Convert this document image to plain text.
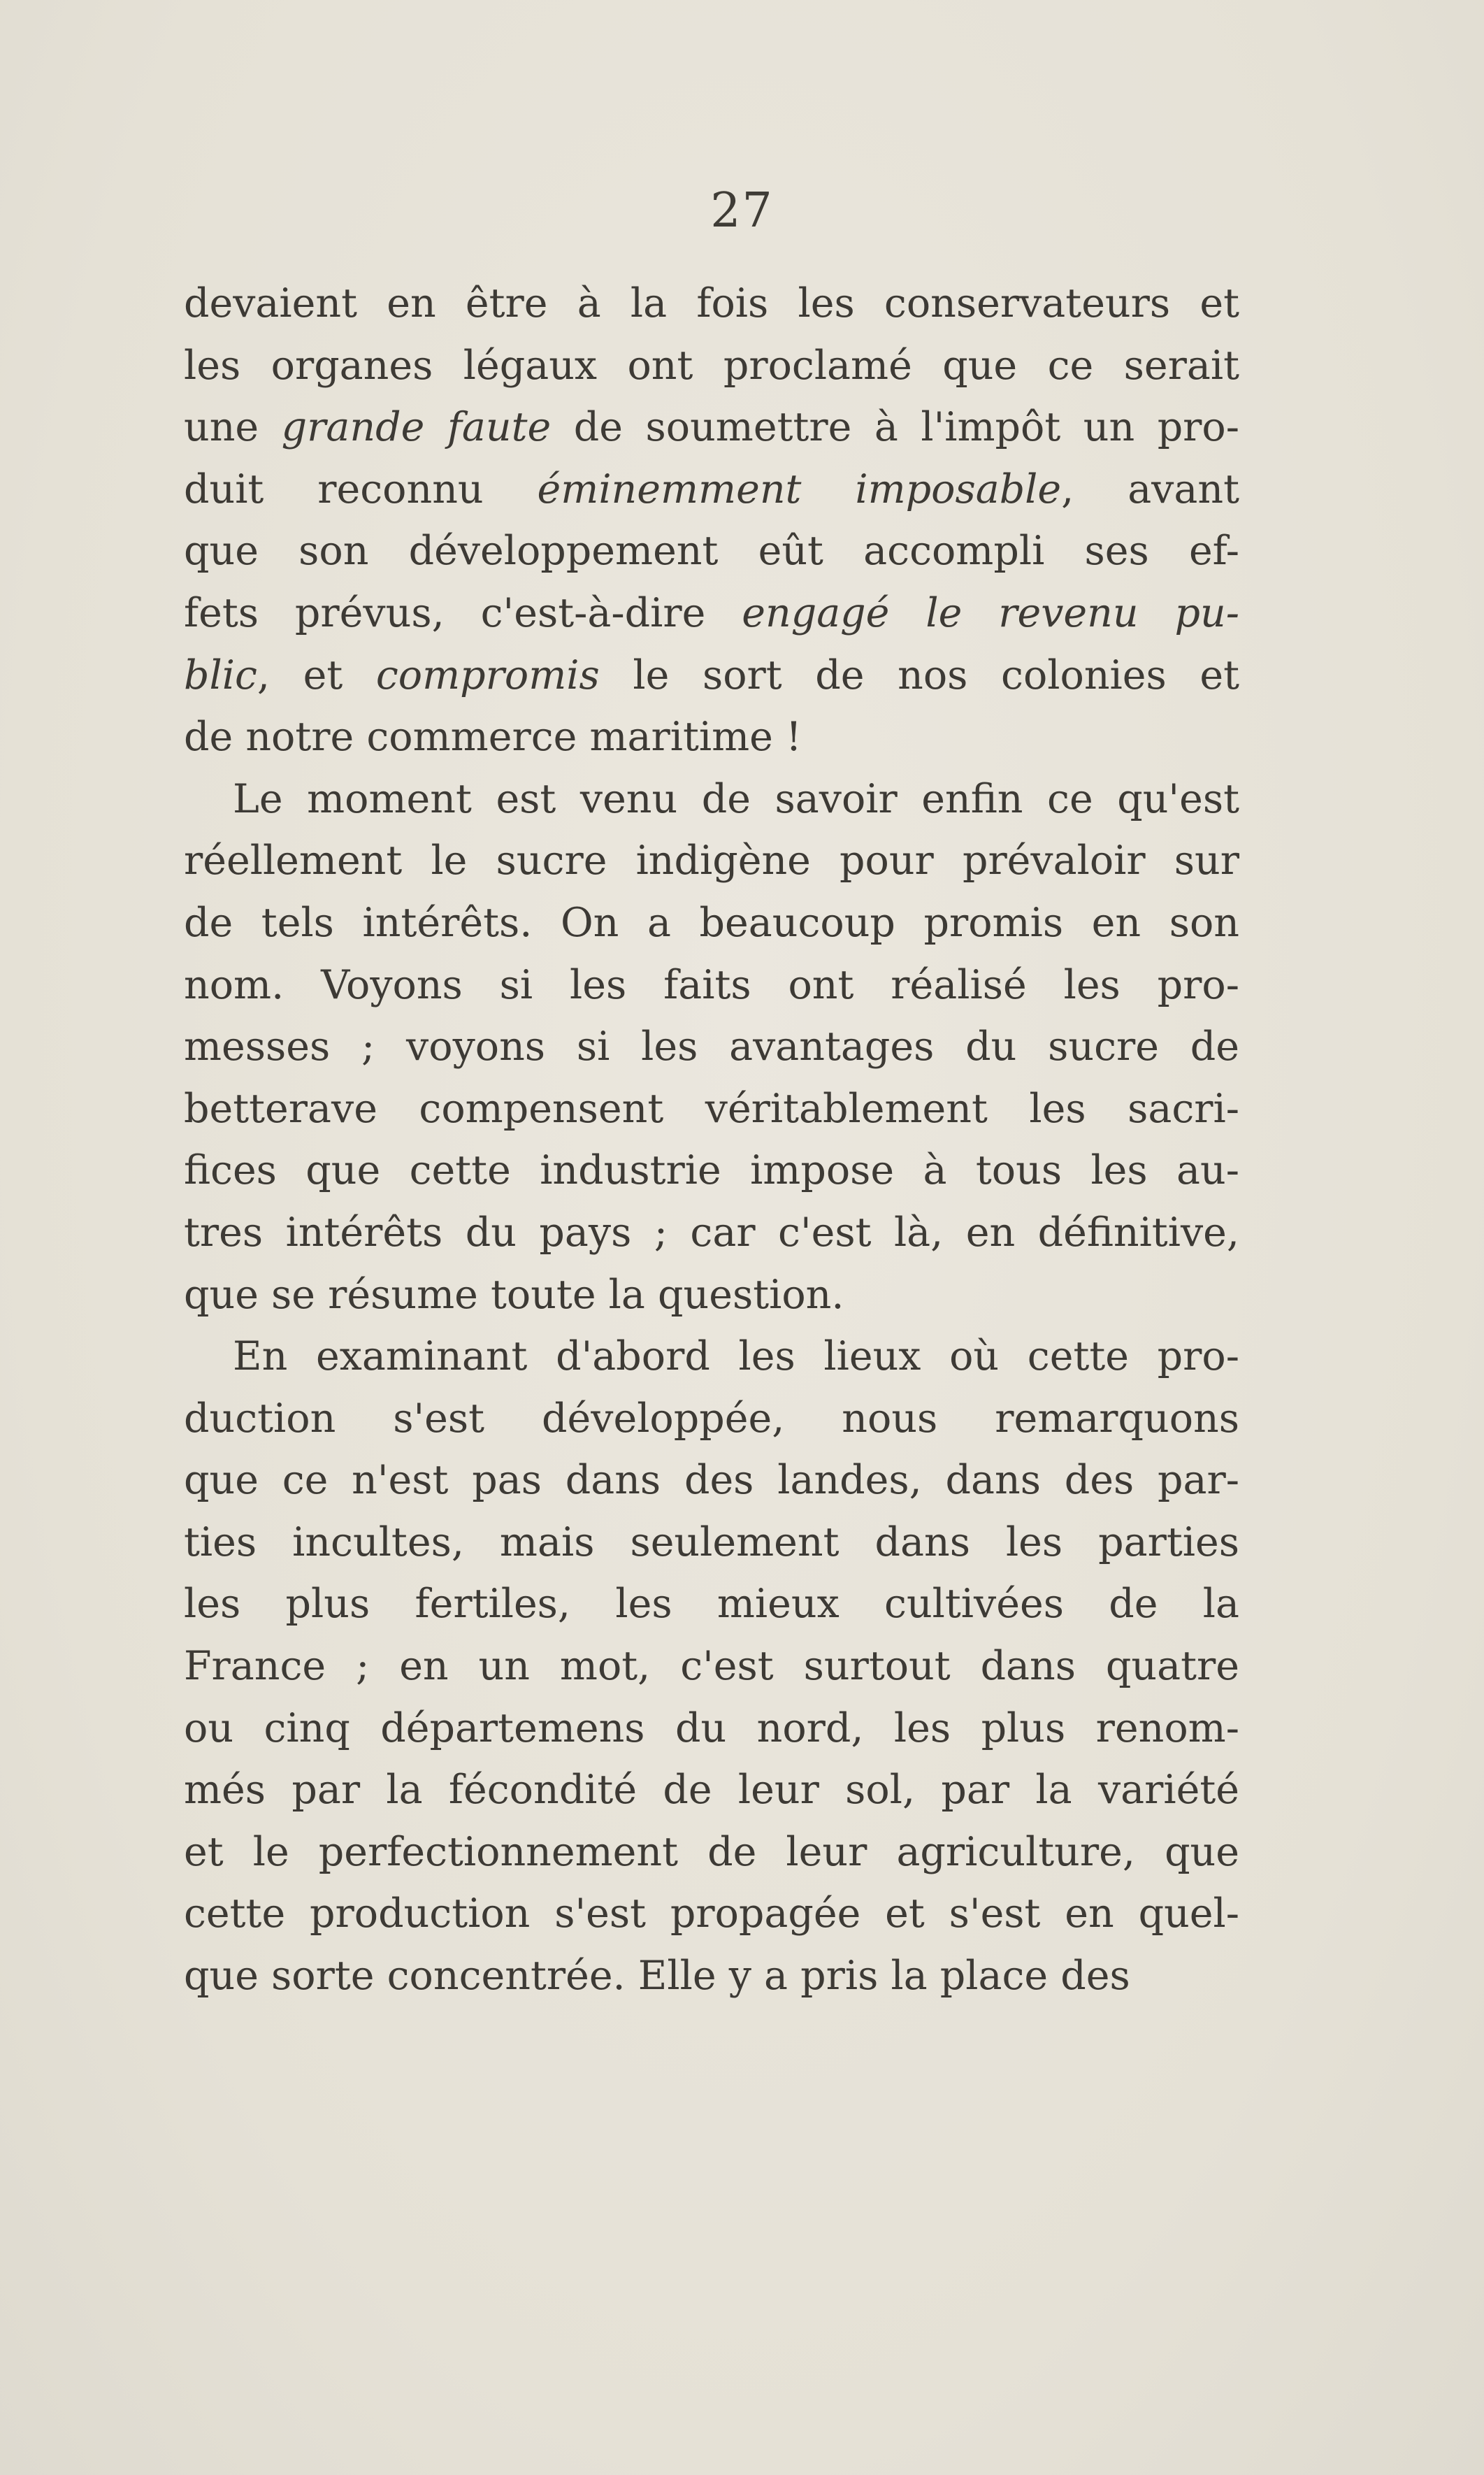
27
devaient en être à la fois les conservateurs et
les organes légaux ont proclamé que ce serait
une grande faute de soumettre à l'impôt un pro-
duit reconnu éminemment imposable, avant
que son développement eût accompli ses ef-
fets prévus, c'est-à-dire engagé le revenu pu-
blic, et compromis le sort de nos colonies et
de notre commerce maritime !
Le moment est venu de savoir enfin ce qu'est
réellement le sucre indigène pour prévaloir sur
de tels intérêts. On a beaucoup promis en son
nom. Voyons si les faits ont réalisé les pro-
messes ; voyons si les avantages du sucre de
betterave compensent véritablement les sacri-
fices que cette industrie impose à tous les au-
tres intérêts du pays ; car c'est là, en définitive,
que se résume toute la question.
En examinant d'abord les lieux où cette pro-
duction s'est développée, nous remarquons
que ce n'est pas dans des landes, dans des par-
ties incultes, mais seulement dans les parties
les plus fertiles, les mieux cultivées de la
France ; en un mot, c'est surtout dans quatre
ou cinq départemens du nord, les plus renom-
més par la fécondité de leur sol, par la variété
et le perfectionnement de leur agriculture, que
cette production s'est propagée et s'est en quel-
que sorte concentrée. Elle y a pris la place des
